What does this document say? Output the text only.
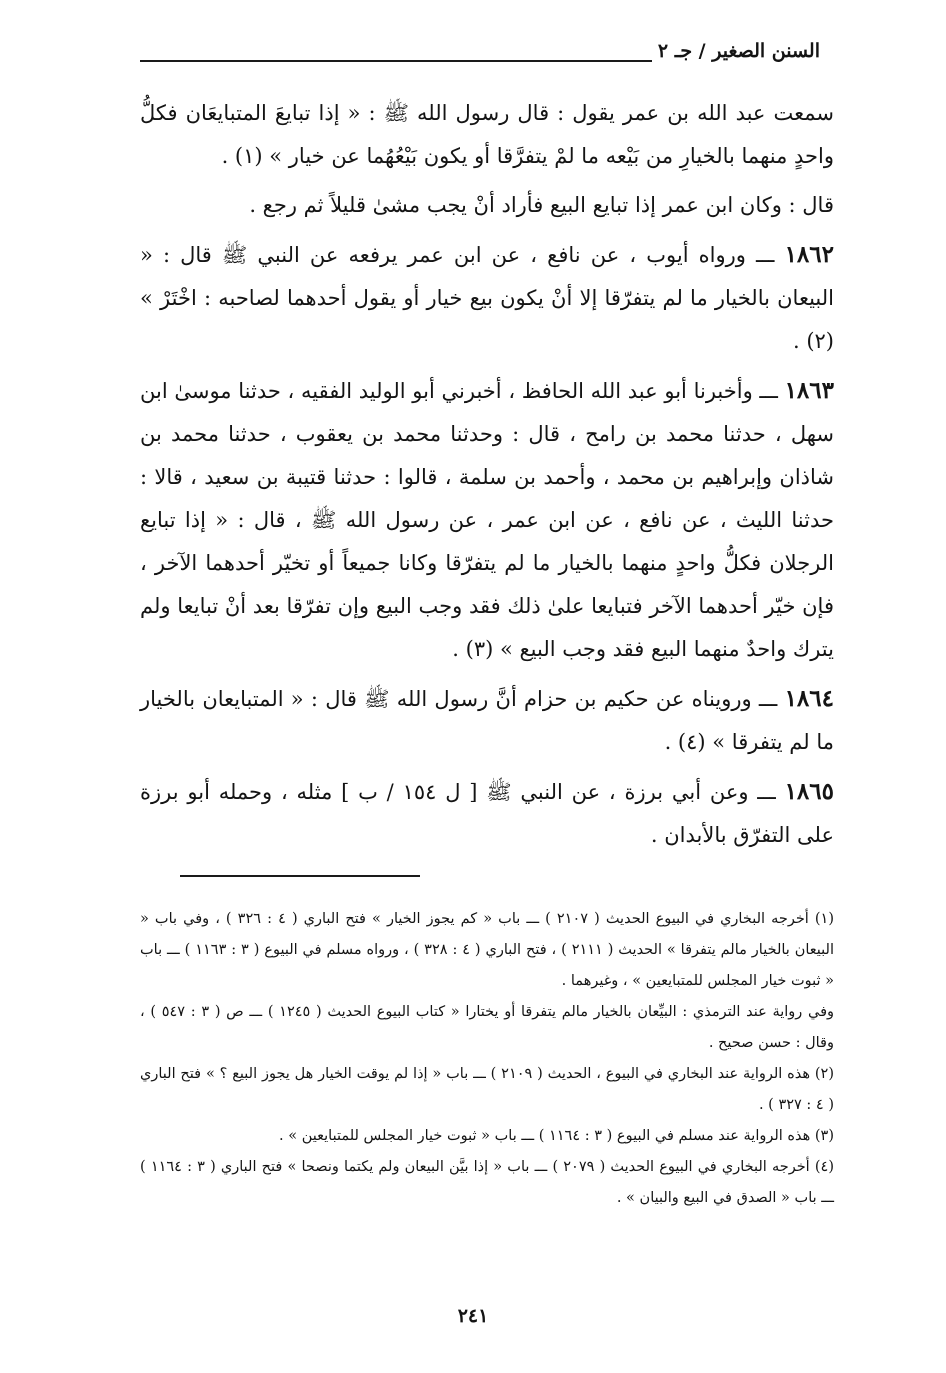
السنن الصغير / جـ ٢

سمعت عبد الله بن عمر يقول : قال رسول الله ﷺ : « إذا تبايعَ المتبايعَان فكلُّ واحدٍ منهما بالخيارِ من بَيْعه ما لمْ يتفرَّقا أو يكون بَيْعُهُما عن خيار » (١) .

قال : وكان ابن عمر إذا تبايع البيع فأراد أنْ يجب مشىٰ قليلاً ثم رجع .

١٨٦٢ ـــ ورواه أيوب ، عن نافع ، عن ابن عمر يرفعه عن النبي ﷺ قال : « البيعان بالخيار ما لم يتفرّقا إلا أنْ يكون بيع خيار أو يقول أحدهما لصاحبه : اخْتَرْ » (٢) .

١٨٦٣ ـــ وأخبرنا أبو عبد الله الحافظ ، أخبرني أبو الوليد الفقيه ، حدثنا موسىٰ ابن سهل ، حدثنا محمد بن رامح ، قال : وحدثنا محمد بن يعقوب ، حدثنا محمد بن شاذان وإبراهيم بن محمد ، وأحمد بن سلمة ، قالوا : حدثنا قتيبة بن سعيد ، قالا : حدثنا الليث ، عن نافع ، عن ابن عمر ، عن رسول الله ﷺ ، قال : « إذا تبايع الرجلان فكلُّ واحدٍ منهما بالخيار ما لم يتفرّقا وكانا جميعاً أو تخيّر أحدهما الآخر ، فإن خيّر أحدهما الآخر فتبايعا علىٰ ذلك فقد وجب البيع وإن تفرّقا بعد أنْ تبايعا ولم يترك واحدٌ منهما البيع فقد وجب البيع » (٣) .

١٨٦٤ ـــ ورويناه عن حكيم بن حزام أنَّ رسول الله ﷺ قال : « المتبايعان بالخيار ما لم يتفرقا » (٤) .

١٨٦٥ ـــ وعن أبي برزة ، عن النبي ﷺ [ ل ١٥٤ / ب ] مثله ، وحمله أبو برزة على التفرّق بالأبدان .

(١) أخرجه البخاري في البيوع الحديث ( ٢١٠٧ ) ـــ باب « كم يجوز الخيار » فتح الباري ( ٤ : ٣٢٦ ) ، وفي باب « البيعان بالخيار مالم يتفرقا » الحديث ( ٢١١١ ) ، فتح الباري ( ٤ : ٣٢٨ ) ، ورواه مسلم في البيوع ( ٣ : ١١٦٣ ) ـــ باب « ثبوت خيار المجلس للمتبايعين » ، وغيرهما .

وفي رواية عند الترمذي : البيِّعان بالخيار مالم يتفرقا أو يختارا « كتاب البيوع الحديث ( ١٢٤٥ ) ـــ ص ( ٣ : ٥٤٧ ) ، وقال : حسن صحيح .

(٢) هذه الرواية عند البخاري في البيوع ، الحديث ( ٢١٠٩ ) ـــ باب « إذا لم يوقت الخيار هل يجوز البيع ؟ » فتح الباري ( ٤ : ٣٢٧ ) .

(٣) هذه الرواية عند مسلم في البيوع ( ٣ : ١١٦٤ ) ـــ باب « ثبوت خيار المجلس للمتبايعين » .

(٤) أخرجه البخاري في البيوع الحديث ( ٢٠٧٩ ) ـــ باب « إذا بيَّن البيعان ولم يكتما ونصحا » فتح الباري ( ٣ : ١١٦٤ ) ـــ باب « الصدق في البيع والبيان » .

٢٤١
